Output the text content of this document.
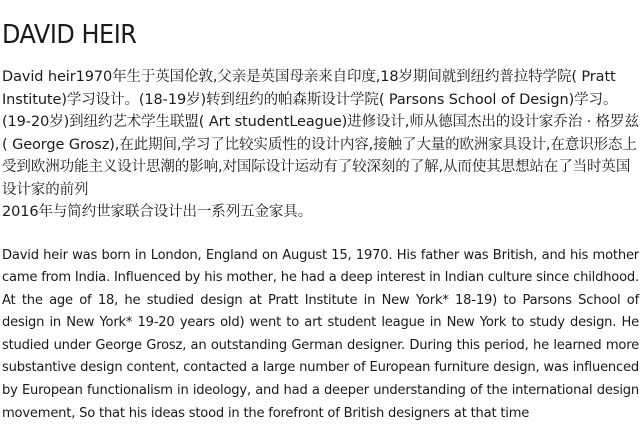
DAVID HEIR

David heir1970年生于英国伦敦,父亲是英国母亲来自印度,18岁期间就到纽约普拉特学院( Pratt Institute)学习设计。(18-19岁)转到纽约的帕森斯设计学院( Parsons School of Design)学习。(19-20岁)到纽约艺术学生联盟( Art studentLeague)进修设计,师从德国杰出的设计家乔治 · 格罗兹( George Grosz),在此期间,学习了比较实质性的设计内容,接触了大量的欧洲家具设计,在意识形态上受到欧洲功能主义设计思潮的影响,对国际设计运动有了较深刻的了解,从而使其思想站在了当时英国设计家的前列

2016年与简约世家联合设计出一系列五金家具。

David heir was born in London, England on August 15, 1970. His father was British, and his mother came from India. Influenced by his mother, he had a deep interest in Indian culture since childhood. At the age of 18, he studied design at Pratt Institute in New York* 18-19) to Parsons School of design in New York* 19-20 years old) went to art student league in New York to study design. He studied under George Grosz, an outstanding German designer. During this period, he learned more substantive design content, contacted a large number of European furniture design, was influenced by European functionalism in ideology, and had a deeper understanding of the international design movement, So that his ideas stood in the forefront of British designers at that time
